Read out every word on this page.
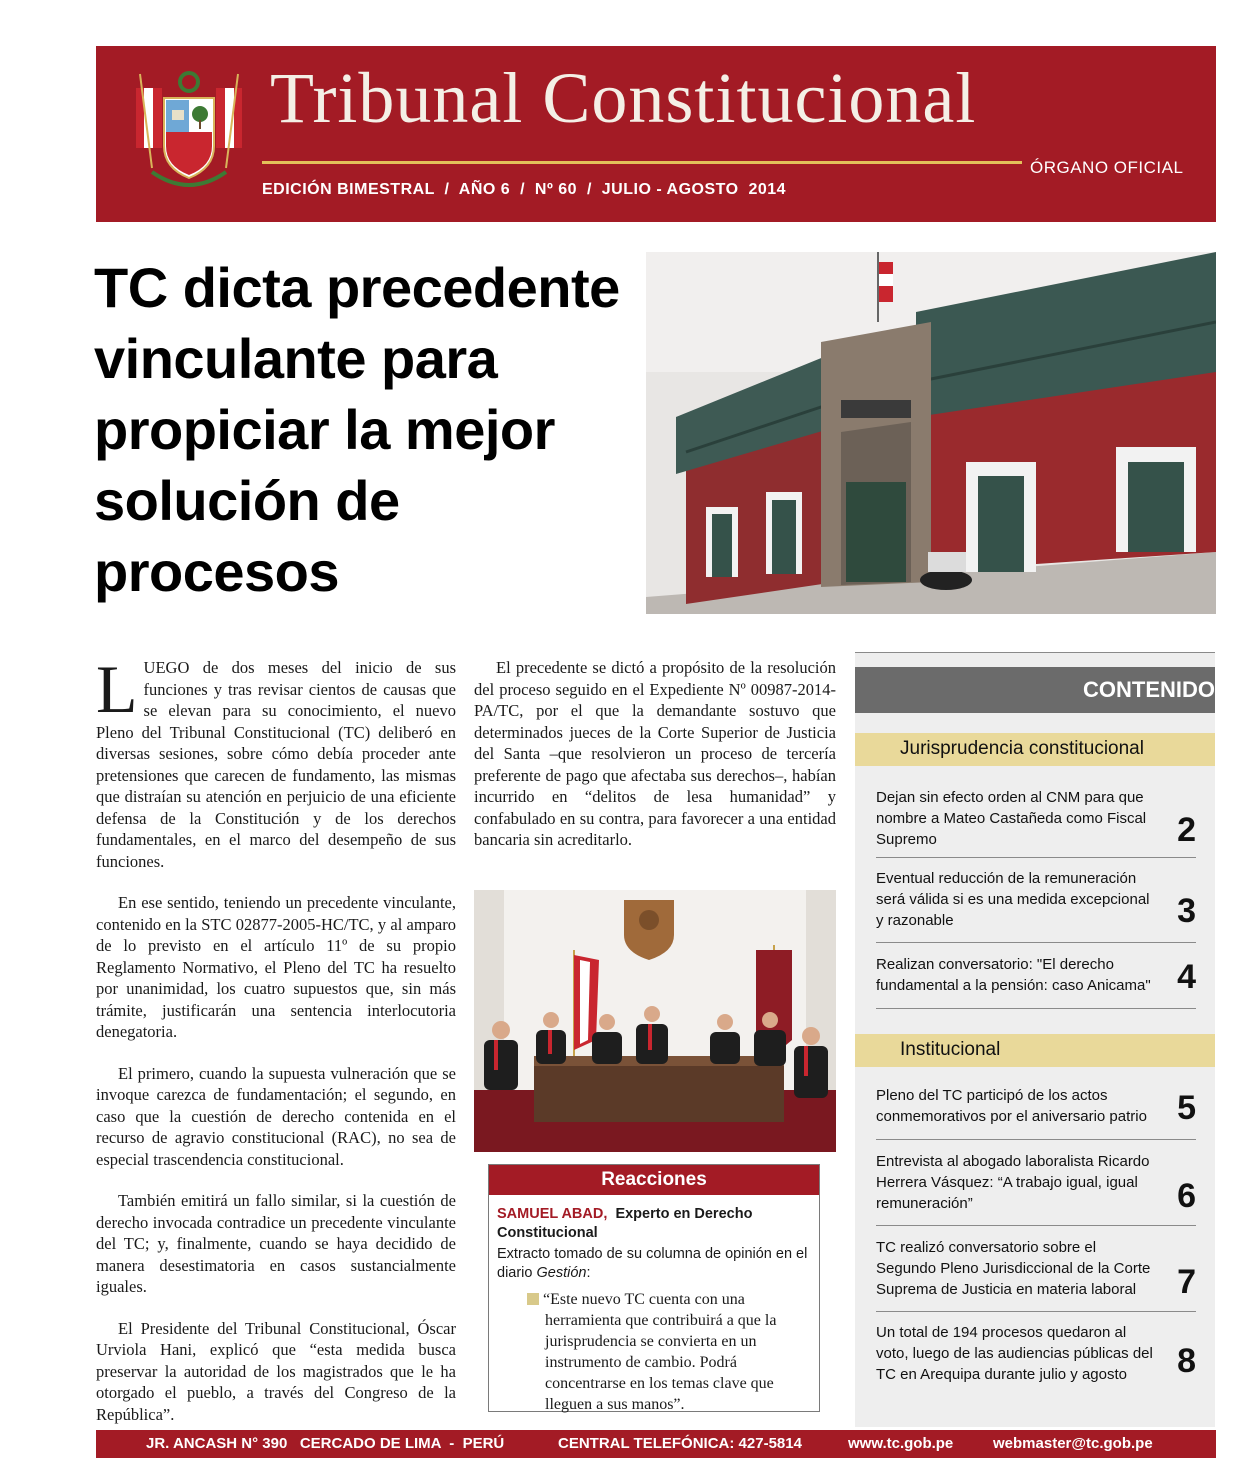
Tribunal Constitucional
ÓRGANO OFICIAL
EDICIÓN BIMESTRAL  /  AÑO 6  /  Nº 60  /  JULIO - AGOSTO  2014
TC dicta precedente vinculante para propiciar la mejor solución de procesos

LUEGO de dos meses del inicio de sus funciones y tras revisar cientos de causas que se elevan para su conocimiento, el nuevo Pleno del Tribunal Constitucional (TC) deliberó en diversas sesiones, sobre cómo debía proceder ante pretensiones que carecen de fundamento, las mismas que distraían su atención en perjuicio de una eficiente defensa de la Constitución y de los derechos fundamentales, en el marco del desempeño de sus funciones.

En ese sentido, teniendo un precedente vinculante, contenido en la STC 02877-2005-HC/TC, y al amparo de lo previsto en el artículo 11º de su propio Reglamento Normativo, el Pleno del TC ha resuelto por unanimidad, los cuatro supuestos que, sin más trámite, justificarán una sentencia interlocutoria denegatoria.

El primero, cuando la supuesta vulneración que se invoque carezca de fundamentación; el segundo, en caso que la cuestión de derecho contenida en el recurso de agravio constitucional (RAC), no sea de especial trascendencia constitucional.

También emitirá un fallo similar, si la cuestión de derecho invocada contradice un precedente vinculante del TC; y, finalmente, cuando se haya decidido de manera desestimatoria en casos sustancialmente iguales.

El Presidente del Tribunal Constitucional, Óscar Urviola Hani, explicó que “esta medida busca preservar la autoridad de los magistrados que le ha otorgado el pueblo, a través del Congreso de la República”.

El precedente se dictó a propósito de la resolución del proceso seguido en el Expediente Nº 00987-2014-PA/TC, por el que la demandante sostuvo que determinados jueces de la Corte Superior de Justicia del Santa –que resolvieron un proceso de tercería preferente de pago que afectaba sus derechos–, habían incurrido en “delitos de lesa humanidad” y confabulado en su contra, para favorecer a una entidad bancaria sin acreditarlo.

Reacciones
SAMUEL ABAD, Experto en Derecho Constitucional
Extracto tomado de su columna de opinión en el diario Gestión:
“Este nuevo TC cuenta con una herramienta que contribuirá a que la jurisprudencia se convierta en un instrumento de cambio. Podrá concentrarse en los temas clave que lleguen a sus manos”.
CONTENIDO
Jurisprudencia constitucional
Dejan sin efecto orden al CNM para que nombre a Mateo Castañeda como Fiscal Supremo	2
Eventual reducción de la remuneración será válida si es una medida excepcional y razonable	3
Realizan conversatorio: "El derecho fundamental a la pensión: caso Anicama" 4
Institucional
Pleno del TC participó de los actos conmemorativos por el aniversario patrio 5
Entrevista al abogado laboralista Ricardo Herrera Vásquez: “A trabajo igual, igual remuneración”	6
TC realizó conversatorio sobre el Segundo Pleno Jurisdiccional de la Corte Suprema de Justicia en materia laboral	7
Un total de 194 procesos quedaron al voto, luego de las audiencias públicas del TC en Arequipa durante julio y agosto	8
JR. ANCASH N° 390   CERCADO DE LIMA  -  PERÚ	CENTRAL TELEFÓNICA: 427-5814	www.tc.gob.pe	webmaster@tc.gob.pe
